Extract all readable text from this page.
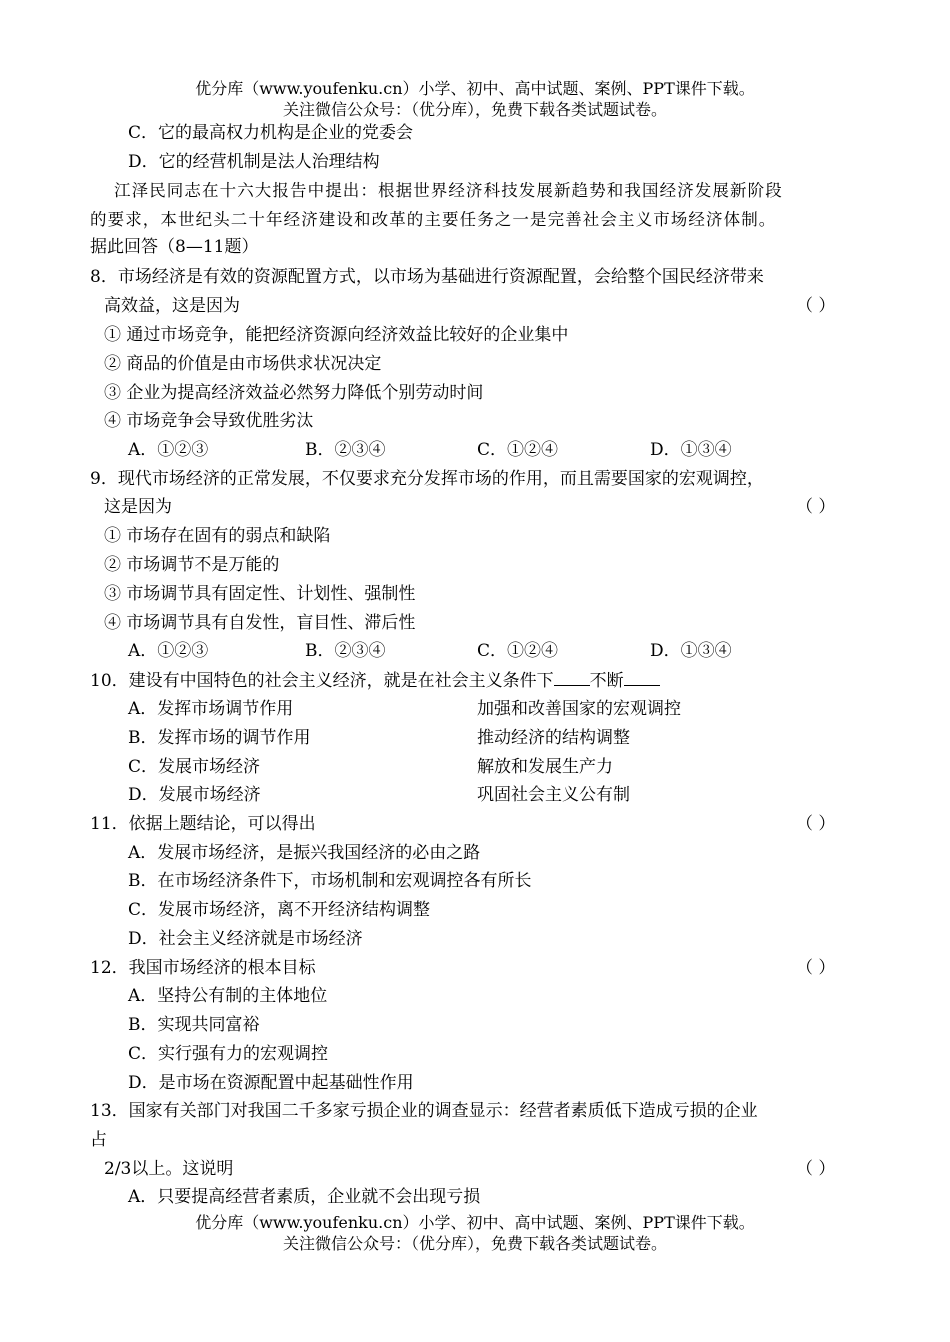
优分库（www.youfenku.cn）小学、初中、高中试题、案例、PPT课件下载。
关注微信公众号：（优分库），免费下载各类试题试卷。
C．它的最高权力机构是企业的党委会
D．它的经营机制是法人治理结构
江泽民同志在十六大报告中提出：根据世界经济科技发展新趋势和我国经济发展新阶段
的要求，本世纪头二十年经济建设和改革的主要任务之一是完善社会主义市场经济体制。
据此回答（8—11题）
8．市场经济是有效的资源配置方式，以市场为基础进行资源配置，会给整个国民经济带来
高效益，这是因为	（ ）
① 通过市场竞争，能把经济资源向经济效益比较好的企业集中
② 商品的价值是由市场供求状况决定
③ 企业为提高经济效益必然努力降低个别劳动时间
④ 市场竞争会导致优胜劣汰
A．①②③	B．②③④	C．①②④	D．①③④
9．现代市场经济的正常发展，不仅要求充分发挥市场的作用，而且需要国家的宏观调控，
这是因为	（ ）
① 市场存在固有的弱点和缺陷
② 市场调节不是万能的
③ 市场调节具有固定性、计划性、强制性
④ 市场调节具有自发性，盲目性、滞后性
A．①②③	B．②③④	C．①②④	D．①③④
10．建设有中国特色的社会主义经济，就是在社会主义条件下 不断
A．发挥市场调节作用	加强和改善国家的宏观调控
B．发挥市场的调节作用	推动经济的结构调整
C．发展市场经济	解放和发展生产力
D．发展市场经济	巩固社会主义公有制
11．依据上题结论，可以得出	（ ）
A．发展市场经济，是振兴我国经济的必由之路
B．在市场经济条件下，市场机制和宏观调控各有所长
C．发展市场经济，离不开经济结构调整
D．社会主义经济就是市场经济
12．我国市场经济的根本目标	（ ）
A．坚持公有制的主体地位
B．实现共同富裕
C．实行强有力的宏观调控
D．是市场在资源配置中起基础性作用
13．国家有关部门对我国二千多家亏损企业的调查显示：经营者素质低下造成亏损的企业
占
2/3以上。这说明	（ ）
A．只要提高经营者素质，企业就不会出现亏损
优分库（www.youfenku.cn）小学、初中、高中试题、案例、PPT课件下载。
关注微信公众号：（优分库），免费下载各类试题试卷。
